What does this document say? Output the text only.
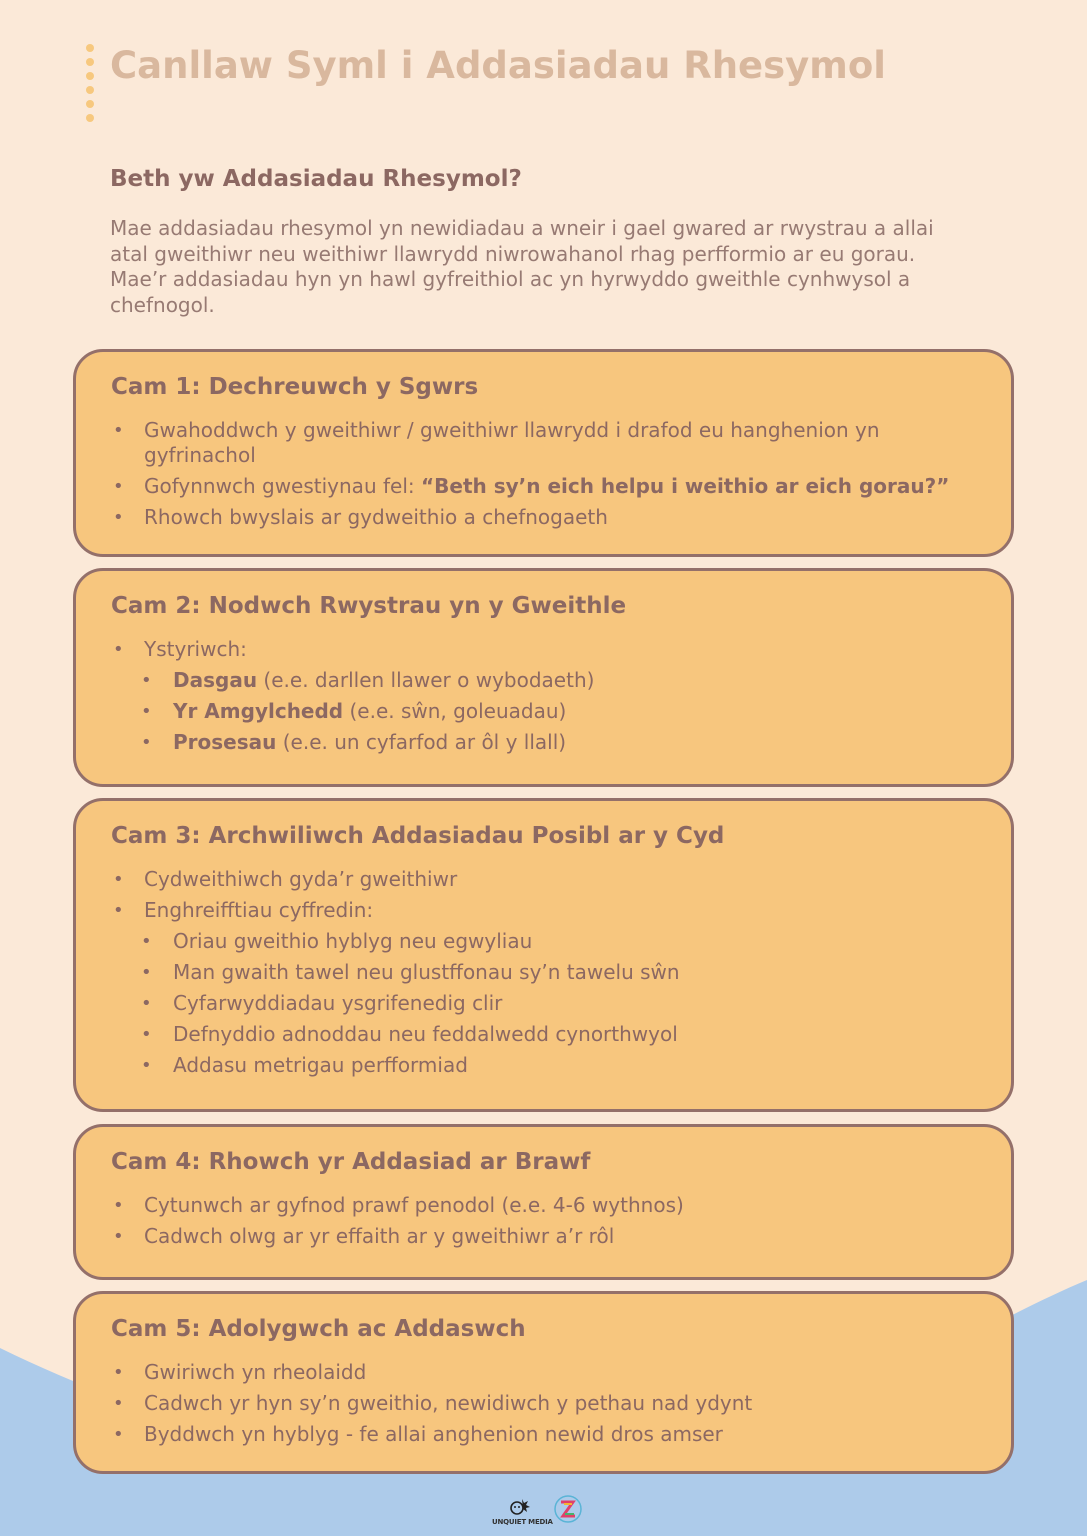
Canllaw Syml i Addasiadau Rhesymol
Beth yw Addasiadau Rhesymol?

Mae addasiadau rhesymol yn newidiadau a wneir i gael gwared ar rwystrau a allai atal gweithiwr neu weithiwr llawrydd niwrowahanol rhag perfformio ar eu gorau. Mae’r addasiadau hyn yn hawl gyfreithiol ac yn hyrwyddo gweithle cynhwysol a chefnogol.

Cam 1: Dechreuwch y Sgwrs
• Gwahoddwch y gweithiwr / gweithiwr llawrydd i drafod eu hanghenion yn gyfrinachol
• Gofynnwch gwestiynau fel: “Beth sy’n eich helpu i weithio ar eich gorau?”
• Rhowch bwyslais ar gydweithio a chefnogaeth
Cam 2: Nodwch Rwystrau yn y Gweithle
• Ystyriwch:
• Dasgau (e.e. darllen llawer o wybodaeth)
• Yr Amgylchedd (e.e. sŵn, goleuadau)
• Prosesau (e.e. un cyfarfod ar ôl y llall)
Cam 3: Archwiliwch Addasiadau Posibl ar y Cyd
• Cydweithiwch gyda’r gweithiwr
• Enghreifftiau cyffredin:
• Oriau gweithio hyblyg neu egwyliau
• Man gwaith tawel neu glustffonau sy’n tawelu sŵn
• Cyfarwyddiadau ysgrifenedig clir
• Defnyddio adnoddau neu feddalwedd cynorthwyol
• Addasu metrigau perfformiad
Cam 4: Rhowch yr Addasiad ar Brawf
• Cytunwch ar gyfnod prawf penodol (e.e. 4-6 wythnos)
• Cadwch olwg ar yr effaith ar y gweithiwr a’r rôl
Cam 5: Adolygwch ac Addaswch
• Gwiriwch yn rheolaidd
• Cadwch yr hyn sy’n gweithio, newidiwch y pethau nad ydynt
• Byddwch yn hyblyg - fe allai anghenion newid dros amser
UNQUIET MEDIA
